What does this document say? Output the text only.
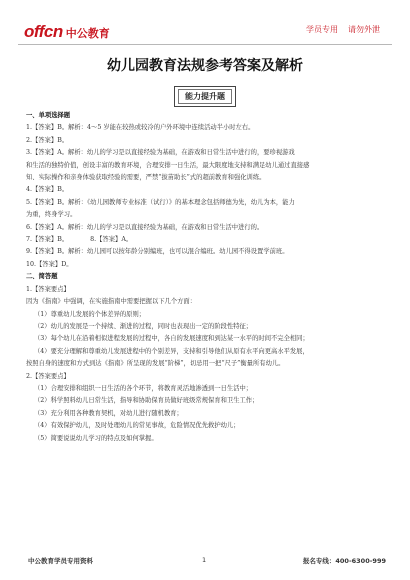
offcn 中公教育	学员专用 请勿外泄
幼儿园教育法规参考答案及解析
能力提升题
一、单项选择题
1.【答案】B。解析：4～5 岁能在较热或较冷的户外环境中连续活动半小时左右。
2.【答案】B。
3.【答案】A。解析：幼儿的学习是以直接经验为基础，在游戏和日常生活中进行的，要珍视游戏
和生活的独特价值，创设丰富的教育环境，合理安排一日生活，最大限度地支持和满足幼儿通过直接感
知、实际操作和亲身体验获取经验的需要，严禁“拔苗助长”式的超前教育和强化训练。
4.【答案】B。
5.【答案】B。解析：《幼儿园教师专业标准（试行）》的基本理念包括师德为先，幼儿为本，能力
为重，终身学习。
6.【答案】A。解析：幼儿的学习是以直接经验为基础，在游戏和日常生活中进行的。
7.【答案】B。	8.【答案】A。
9.【答案】B。解析：幼儿园可以按年龄分别编班，也可以混合编班。幼儿园不得设置学前班。
10.【答案】D。
二、简答题
1.【答案要点】
因为《指南》中强调，在实施指南中需要把握以下几个方面：
（1）尊重幼儿发展的个体差异的原则；
（2）幼儿的发展是一个持续、渐进的过程，同时也表现出一定的阶段性特征；
（3）每个幼儿在沿着相似进程发展的过程中，各自的发展速度和到达某一水平的时间不完全相同；
（4）要充分理解和尊重幼儿发展进程中的个别差异，支持和引导他们从原有水平向更高水平发展，
按照自身的速度和方式到达《指南》所呈现的发展“阶梯”，切忌用一把“尺子”衡量所有幼儿。
2.【答案要点】
（1）合理安排和组织一日生活的各个环节，将教育灵活地渗透到一日生活中；
（2）科学照料幼儿日常生活，指导和协助保育员做好班级常规保育和卫生工作；
（3）充分利用各种教育契机，对幼儿进行随机教育；
（4）有效保护幼儿，及时处理幼儿的常见事故，危险情况优先救护幼儿；
（5）简要说说幼儿学习的特点及如何掌握。
中公教育学员专用资料	1	报名专线：400-6300-999
